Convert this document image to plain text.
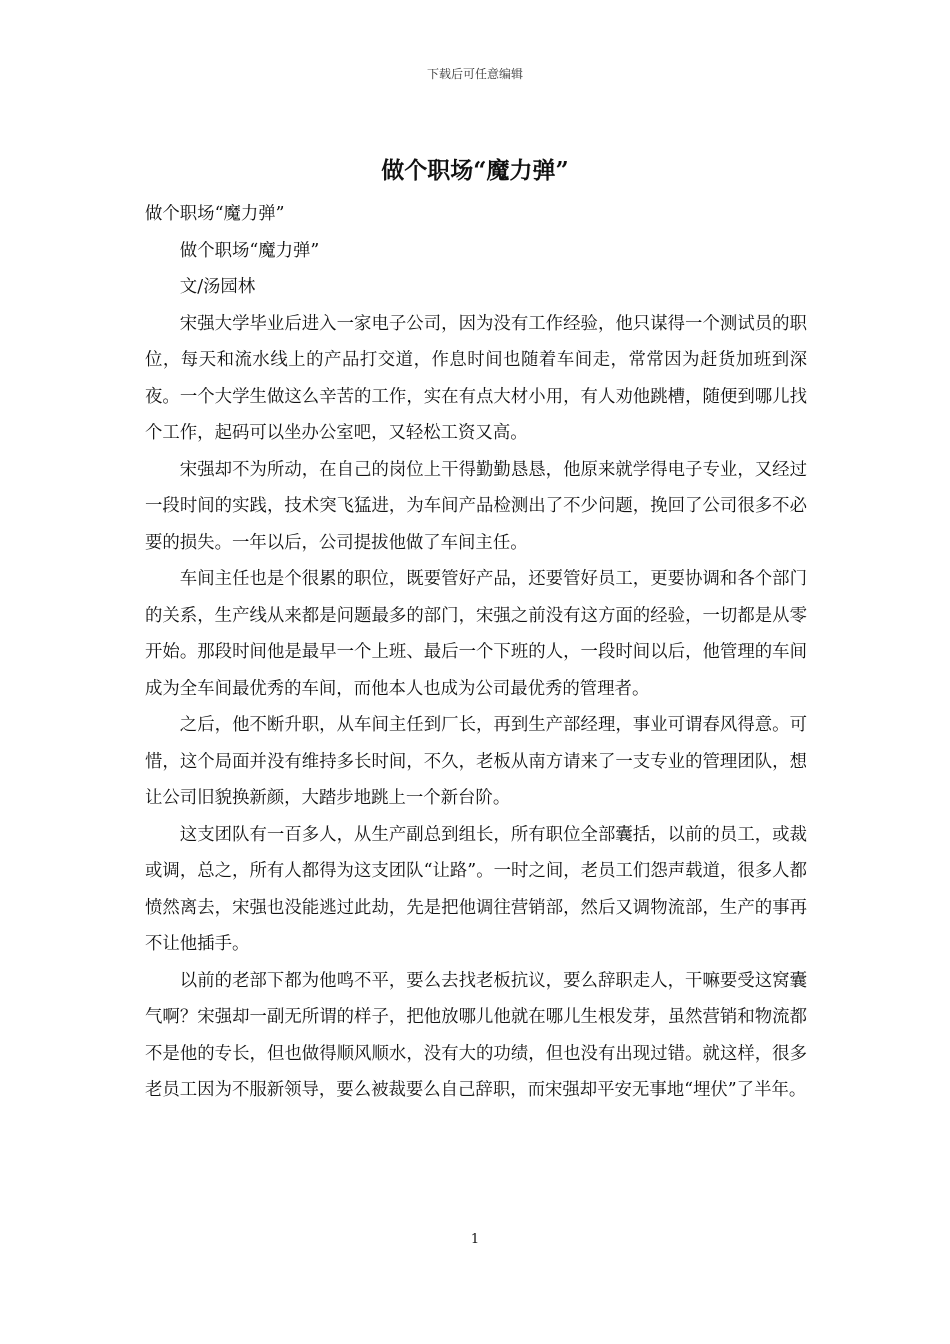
下载后可任意编辑
做个职场“魔力弹”

做个职场“魔力弹”

做个职场“魔力弹”

文/汤园林

宋强大学毕业后进入一家电子公司，因为没有工作经验，他只谋得一个测试员的职位，每天和流水线上的产品打交道，作息时间也随着车间走，常常因为赶货加班到深夜。一个大学生做这么辛苦的工作，实在有点大材小用，有人劝他跳槽，随便到哪儿找个工作，起码可以坐办公室吧，又轻松工资又高。

宋强却不为所动，在自己的岗位上干得勤勤恳恳，他原来就学得电子专业，又经过一段时间的实践，技术突飞猛进，为车间产品检测出了不少问题，挽回了公司很多不必要的损失。一年以后，公司提拔他做了车间主任。

车间主任也是个很累的职位，既要管好产品，还要管好员工，更要协调和各个部门的关系，生产线从来都是问题最多的部门，宋强之前没有这方面的经验，一切都是从零开始。那段时间他是最早一个上班、最后一个下班的人，一段时间以后，他管理的车间成为全车间最优秀的车间，而他本人也成为公司最优秀的管理者。

之后，他不断升职，从车间主任到厂长，再到生产部经理，事业可谓春风得意。可惜，这个局面并没有维持多长时间，不久，老板从南方请来了一支专业的管理团队，想让公司旧貌换新颜，大踏步地跳上一个新台阶。

这支团队有一百多人，从生产副总到组长，所有职位全部囊括，以前的员工，或裁或调，总之，所有人都得为这支团队“让路”。一时之间，老员工们怨声载道，很多人都愤然离去，宋强也没能逃过此劫，先是把他调往营销部，然后又调物流部，生产的事再不让他插手。

以前的老部下都为他鸣不平，要么去找老板抗议，要么辞职走人，干嘛要受这窝囊气啊？宋强却一副无所谓的样子，把他放哪儿他就在哪儿生根发芽，虽然营销和物流都不是他的专长，但也做得顺风顺水，没有大的功绩，但也没有出现过错。就这样，很多老员工因为不服新领导，要么被裁要么自己辞职，而宋强却平安无事地“埋伏”了半年。

1
